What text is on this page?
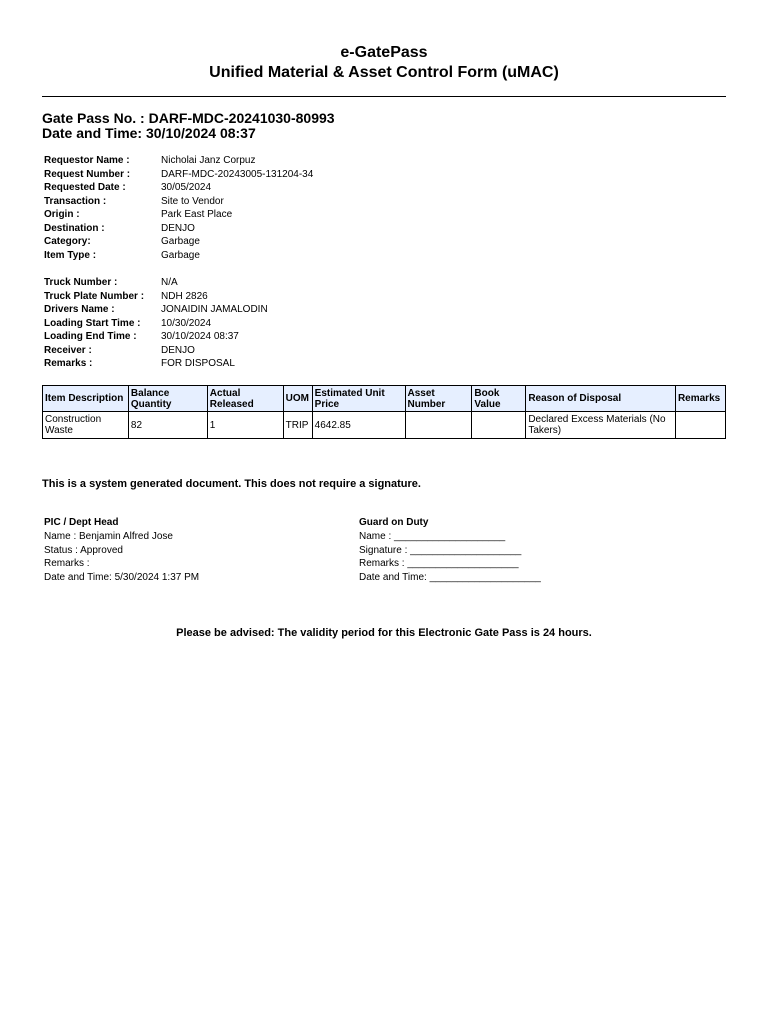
e-GatePass
Unified Material & Asset Control Form (uMAC)
Gate Pass No. : DARF-MDC-20241030-80993
Date and Time: 30/10/2024 08:37
Requestor Name :	Nicholai Janz Corpuz
Request Number :	DARF-MDC-20243005-131204-34
Requested Date :	30/05/2024
Transaction :	Site to Vendor
Origin :	Park East Place
Destination :	DENJO
Category:	Garbage
Item Type :	Garbage
Truck Number :	N/A
Truck Plate Number : NDH 2826
Drivers Name :	JONAIDIN JAMALODIN
Loading Start Time : 10/30/2024
Loading End Time : 30/10/2024 08:37
Receiver :	DENJO
Remarks :	FOR DISPOSAL
Item Description	Balance Quantity	Actual Released	UOM	Estimated Unit Price	Asset Number	Book Value	Reason of Disposal	Remarks
Construction Waste	82	1	TRIP	4642.85			Declared Excess Materials (No Takers)	
This is a system generated document. This does not require a signature.
PIC / Dept Head
Name : Benjamin Alfred Jose
Status : Approved
Remarks :
Date and Time: 5/30/2024 1:37 PM
Guard on Duty
Name : ____________________
Signature : ____________________
Remarks : ____________________
Date and Time: ____________________
Please be advised: The validity period for this Electronic Gate Pass is 24 hours.
